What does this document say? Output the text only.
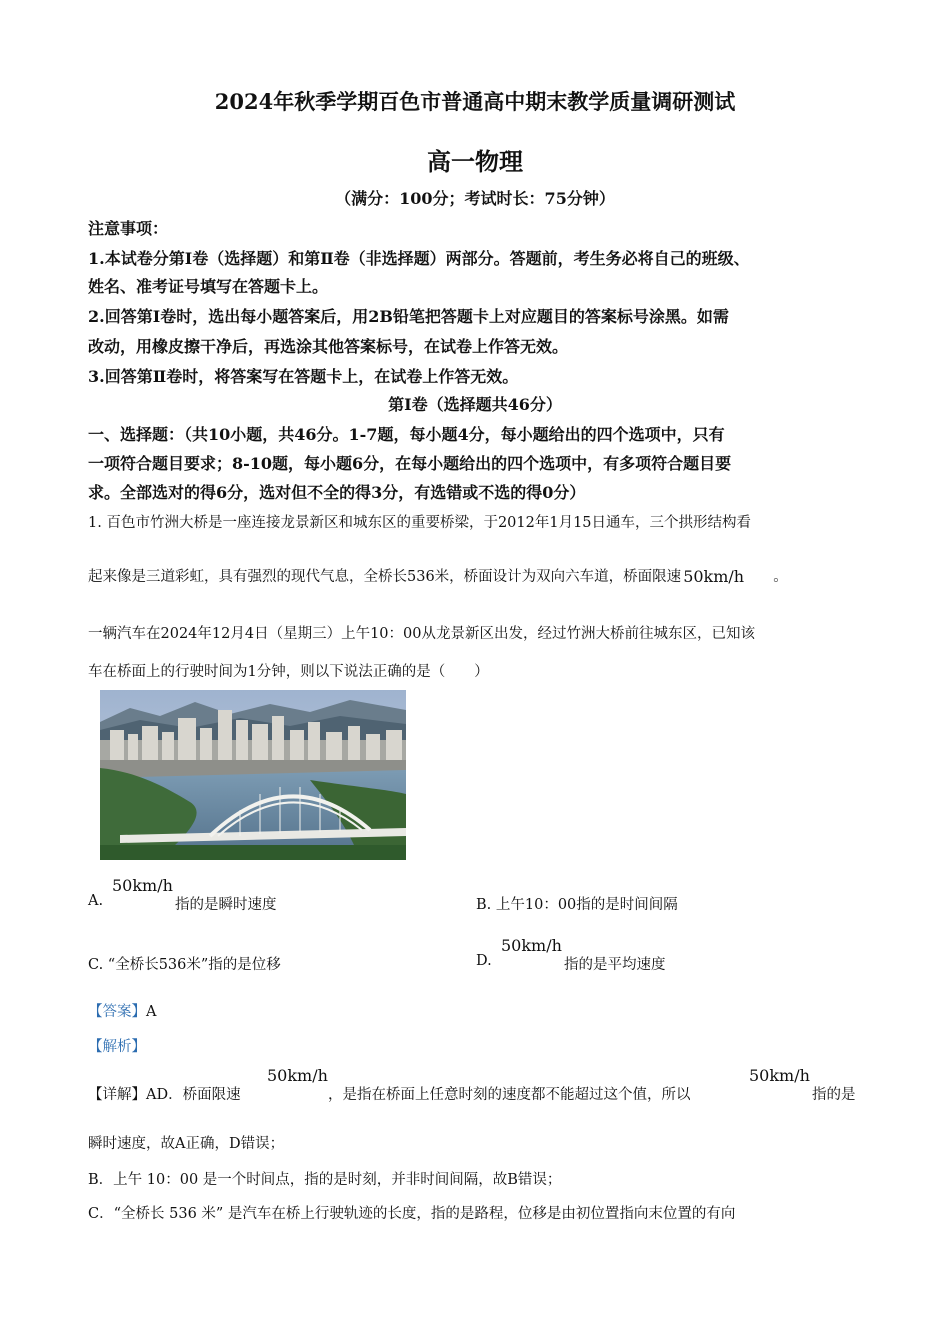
2024年秋季学期百色市普通高中期末教学质量调研测试
高一物理
（满分：100分；考试时长：75分钟）
注意事项：
1.本试卷分第Ⅰ卷（选择题）和第Ⅱ卷（非选择题）两部分。答题前，考生务必将自己的班级、
姓名、准考证号填写在答题卡上。
2.回答第Ⅰ卷时，选出每小题答案后，用2B铅笔把答题卡上对应题目的答案标号涂黑。如需
改动，用橡皮擦干净后，再选涂其他答案标号，在试卷上作答无效。
3.回答第Ⅱ卷时，将答案写在答题卡上，在试卷上作答无效。
第Ⅰ卷（选择题共46分）
一、选择题：（共10小题，共46分。1-7题，每小题4分，每小题给出的四个选项中，只有
一项符合题目要求；8-10题，每小题6分，在每小题给出的四个选项中，有多项符合题目要
求。全部选对的得6分，选对但不全的得3分，有选错或不选的得0分）
1. 百色市竹洲大桥是一座连接龙景新区和城东区的重要桥梁，于2012年1月15日通车，三个拱形结构看
起来像是三道彩虹，具有强烈的现代气息，全桥长536米，桥面设计为双向六车道，桥面限速 50km/h 。
一辆汽车在2024年12月4日（星期三）上午10：00从龙景新区出发，经过竹洲大桥前往城东区，已知该
车在桥面上的行驶时间为1分钟，则以下说法正确的是（　　）
A.
50km/h
指的是瞬时速度	B. 上午10：00指的是时间间隔
C. “全桥长536米”指的是位移	D.
50km/h
指的是平均速度
【答案】A
【解析】
【详解】AD．桥面限速
50km/h
，是指在桥面上任意时刻的速度都不能超过这个值，所以
50km/h
指的是
瞬时速度，故A正确，D错误；
B．上午 10：00 是一个时间点，指的是时刻，并非时间间隔，故B错误；
C．“全桥长 536 米” 是汽车在桥上行驶轨迹的长度，指的是路程，位移是由初位置指向末位置的有向
